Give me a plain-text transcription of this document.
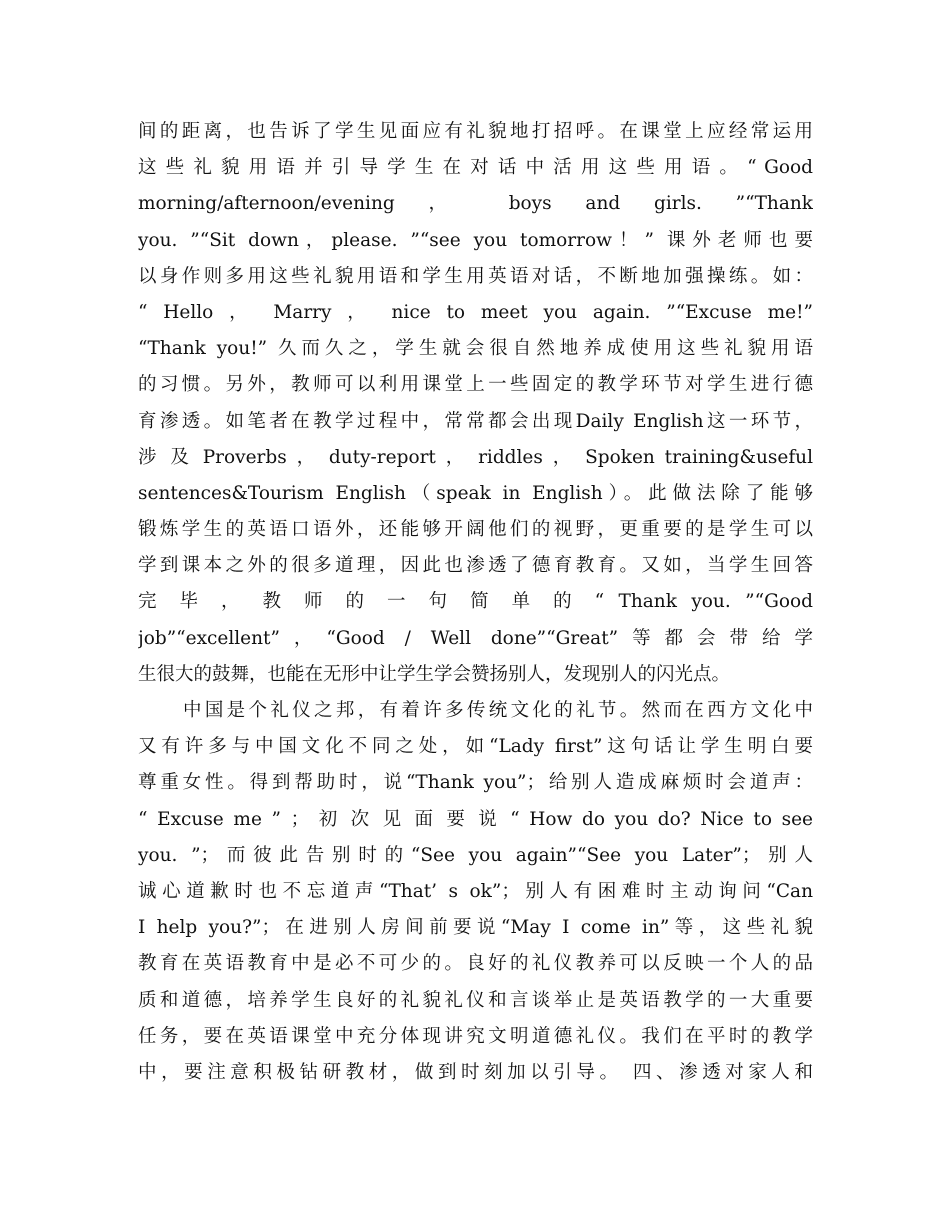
间的距离，也告诉了学生见面应有礼貌地打招呼。在课堂上应经常运用
这 些 礼 貌 用 语 并 引 导 学 生 在 对 话 中 活 用 这 些 用 语 。 “ Good
morning/afternoon/evening ， boys and girls. ”“Thank
you. ”“Sit down，please. ”“see you tomorrow！” 课外老师也要
以身作则多用这些礼貌用语和学生用英语对话，不断地加强操练。如：
“ Hello ， Marry ， nice to meet you again. ”“Excuse me!”
“Thank you!” 久而久之，学生就会很自然地养成使用这些礼貌用语
的习惯。另外，教师可以利用课堂上一些固定的教学环节对学生进行德
育渗透。如笔者在教学过程中，常常都会出现Daily English这一环节，
涉 及 Proverbs ， duty-report ， riddles ， Spoken training&useful
sentences&Tourism English（speak in English）。此做法除了能够
锻炼学生的英语口语外，还能够开阔他们的视野，更重要的是学生可以
学到课本之外的很多道理，因此也渗透了德育教育。又如，当学生回答
完 毕 ， 教 师 的 一 句 简 单 的 “ Thank you. ”“Good
job”“excellent”，“Good / Well done”“Great”等都会带给学
生很大的鼓舞，也能在无形中让学生学会赞扬别人，发现别人的闪光点。
中国是个礼仪之邦，有着许多传统文化的礼节。然而在西方文化中
又有许多与中国文化不同之处，如“Lady first”这句话让学生明白要
尊重女性。得到帮助时，说“Thank you”；给别人造成麻烦时会道声：
“ Excuse me ” ； 初 次 见 面 要 说 “ How do you do? Nice to see
you. ”；而彼此告别时的“See you again”“See you Later”；别人
诚心道歉时也不忘道声“That’ s ok”；别人有困难时主动询问“Can
I help you?”；在进别人房间前要说“May I come in”等，这些礼貌
教育在英语教育中是必不可少的。良好的礼仪教养可以反映一个人的品
质和道德，培养学生良好的礼貌礼仪和言谈举止是英语教学的一大重要
任务，要在英语课堂中充分体现讲究文明道德礼仪。我们在平时的教学
中，要注意积极钻研教材，做到时刻加以引导。 四、渗透对家人和
